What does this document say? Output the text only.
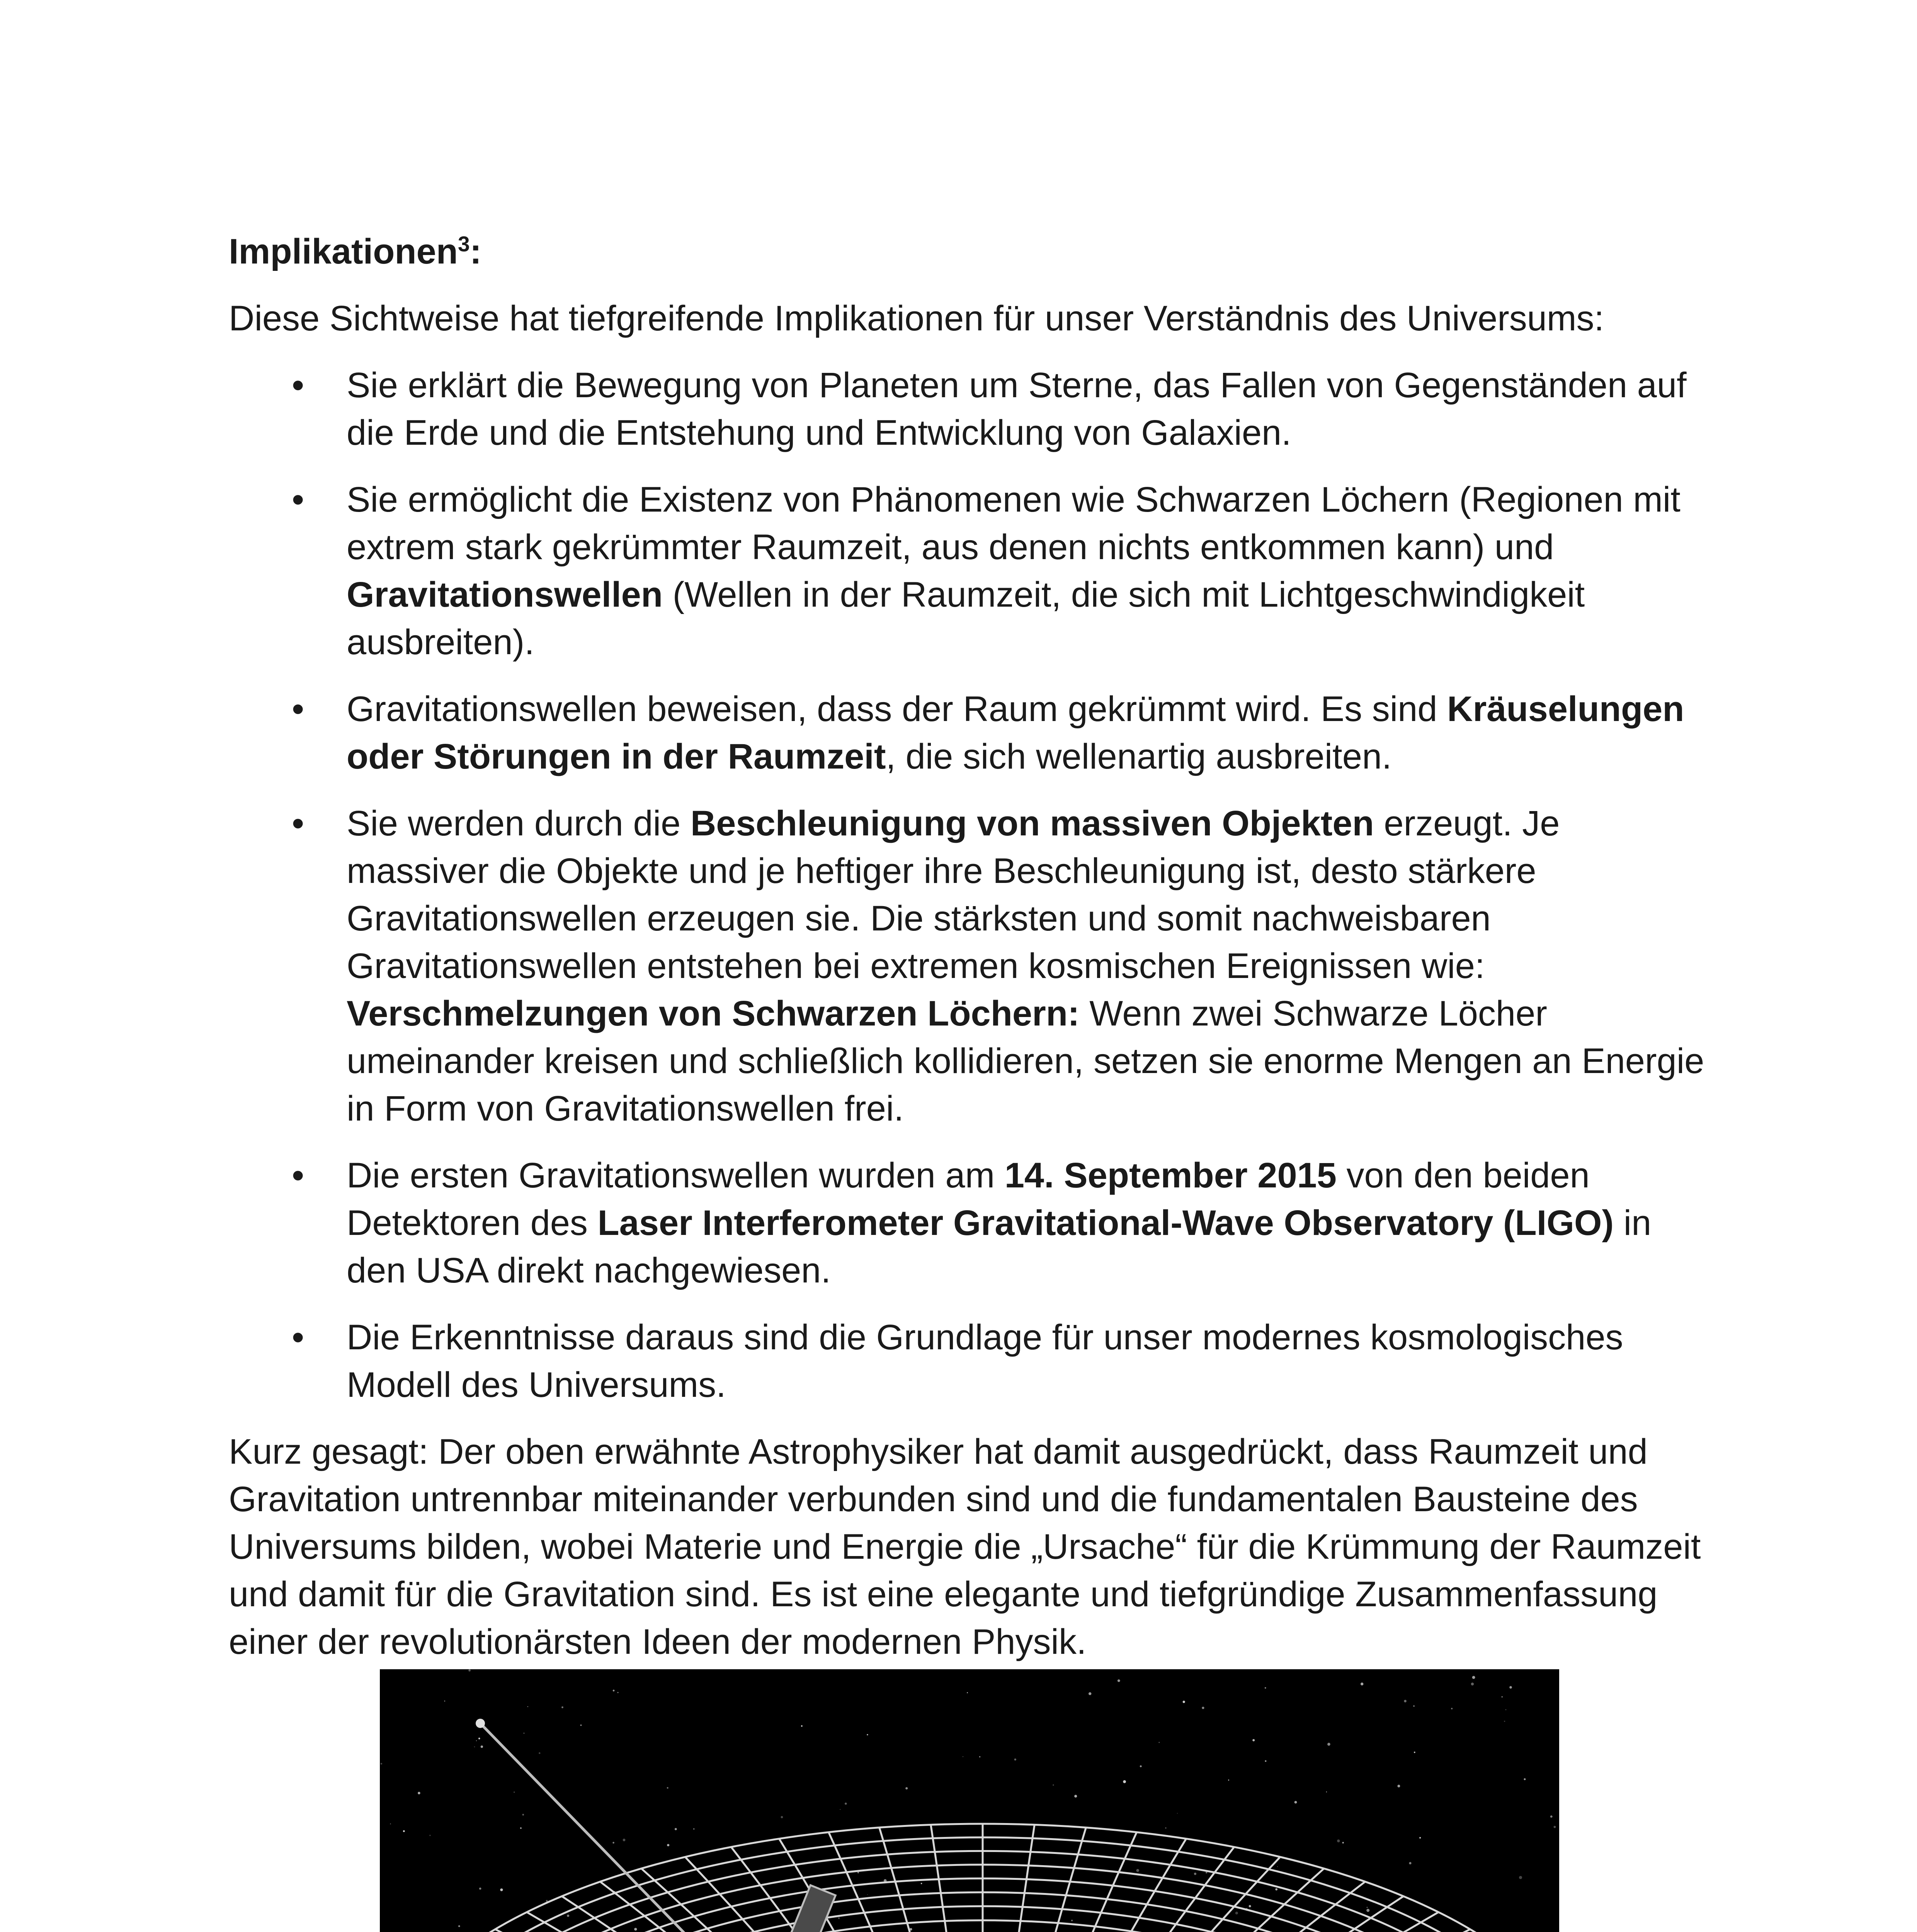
Implikationen$^3$:
Diese Sichtweise hat tiefgreifende Implikationen für unser Verständnis des Universums:
• Sie erklärt die Bewegung von Planeten um Sterne, das Fallen von Gegenständen auf die Erde und die Entstehung und Entwicklung von Galaxien.
• Sie ermöglicht die Existenz von Phänomenen wie Schwarzen Löchern (Regionen mit extrem stark gekrümmter Raumzeit, aus denen nichts entkommen kann) und Gravitationswellen (Wellen in der Raumzeit, die sich mit Lichtgeschwindigkeit ausbreiten).
• Gravitationswellen beweisen, dass der Raum gekrümmt wird. Es sind Kräuselungen oder Störungen in der Raumzeit, die sich wellenartig ausbreiten.
• Sie werden durch die Beschleunigung von massiven Objekten erzeugt. Je massiver die Objekte und je heftiger ihre Beschleunigung ist, desto stärkere Gravitationswellen erzeugen sie. Die stärksten und somit nachweisbaren Gravitationswellen entstehen bei extremen kosmischen Ereignissen wie: Verschmelzungen von Schwarzen Löchern: Wenn zwei Schwarze Löcher umeinander kreisen und schließlich kollidieren, setzen sie enorme Mengen an Energie in Form von Gravitationswellen frei.
• Die ersten Gravitationswellen wurden am 14. September 2015 von den beiden Detektoren des Laser Interferometer Gravitational-Wave Observatory (LIGO) in den USA direkt nachgewiesen.
• Die Erkenntnisse daraus sind die Grundlage für unser modernes kosmologisches Modell des Universums.
Kurz gesagt: Der oben erwähnte Astrophysiker hat damit ausgedrückt, dass Raumzeit und Gravitation untrennbar miteinander verbunden sind und die fundamentalen Bausteine des Universums bilden, wobei Materie und Energie die „Ursache“ für die Krümmung der Raumzeit und damit für die Gravitation sind. Es ist eine elegante und tiefgründige Zusammenfassung einer der revolutionärsten Ideen der modernen Physik.
